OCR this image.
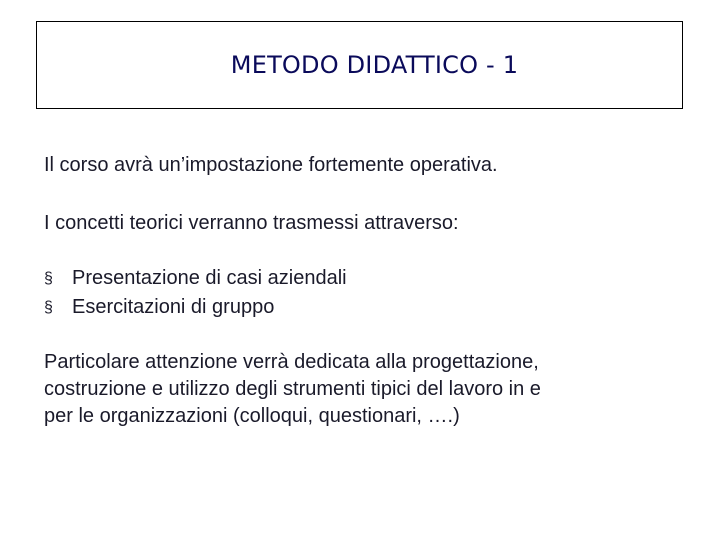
METODO DIDATTICO - 1
Il corso avrà un’impostazione fortemente operativa.
I concetti teorici verranno trasmessi attraverso:
§ Presentazione di casi aziendali
§ Esercitazioni di gruppo
Particolare attenzione verrà dedicata alla progettazione,
costruzione e utilizzo degli strumenti tipici del lavoro in e
per le organizzazioni (colloqui, questionari, ….)
